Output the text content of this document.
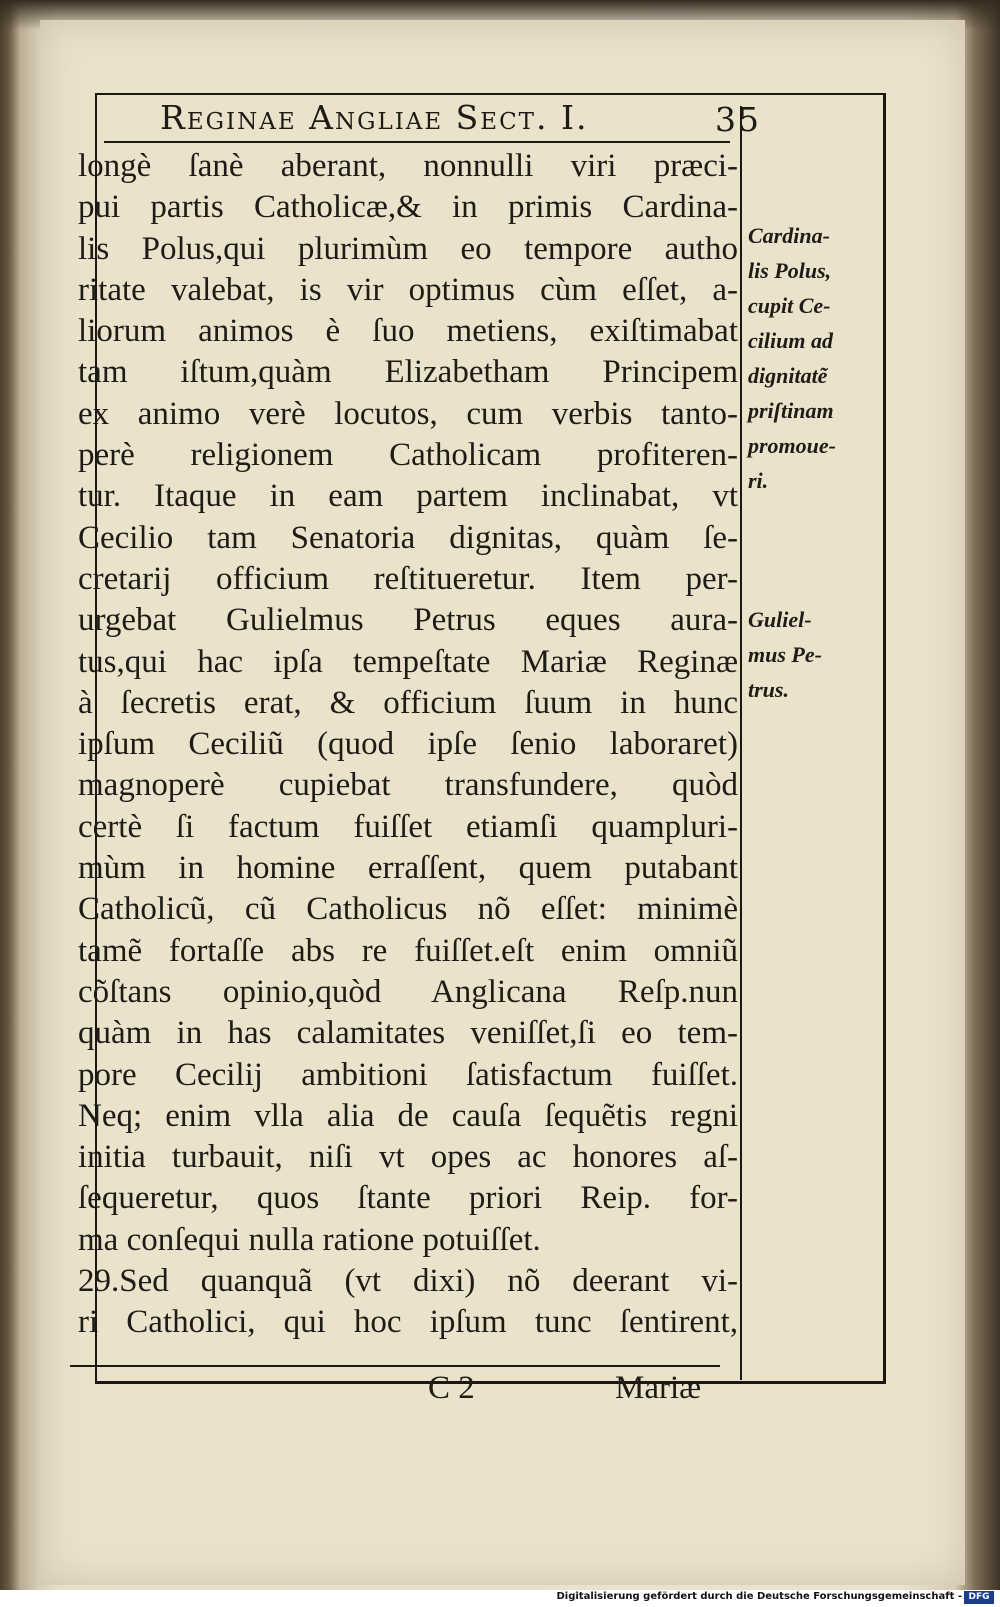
Reginae Angliae Sect. I.	35
longè ſanè aberant, nonnulli viri præci-
pui partis Catholicæ,& in primis Cardina-
lis Polus,qui plurimùm eo tempore autho
ritate valebat, is vir optimus cùm eſſet, a-
liorum animos è ſuo metiens, exiſtimabat
tam iſtum,quàm Elizabetham Principem
ex animo verè locutos, cum verbis tanto-
perè religionem Catholicam profiteren-
tur. Itaque in eam partem inclinabat, vt
Cecilio tam Senatoria dignitas, quàm ſe-
cretarij officium reſtitueretur. Item per-
urgebat Gulielmus Petrus eques aura-
tus,qui hac ipſa tempeſtate Mariæ Reginæ
à ſecretis erat, & officium ſuum in hunc
ipſum Ceciliũ (quod ipſe ſenio laboraret)
magnoperè cupiebat transfundere, quòd
certè ſi factum fuiſſet etiamſi quampluri-
mùm in homine erraſſent, quem putabant
Catholicũ, cũ Catholicus nõ eſſet: minimè
tamẽ fortaſſe abs re fuiſſet.eſt enim omniũ
cõſtans opinio,quòd Anglicana Reſp.nun
quàm in has calamitates veniſſet,ſi eo tem-
pore Cecilij ambitioni ſatisfactum fuiſſet.
Neq; enim vlla alia de cauſa ſequẽtis regni
initia turbauit, niſi vt opes ac honores aſ-
ſequeretur, quos ſtante priori Reip. for-
ma conſequi nulla ratione potuiſſet.
29.Sed quanquã (vt dixi) nõ deerant vi-
ri Catholici, qui hoc ipſum tunc ſentirent,
Cardina-
lis Polus,
cupit Ce-
cilium ad
dignitatẽ
priſtinam
promoue-
ri.
Guliel-
mus Pe-
trus.
C 2	Mariæ
Digitalisierung gefördert durch die Deutsche Forschungsgemeinschaft - DFG
